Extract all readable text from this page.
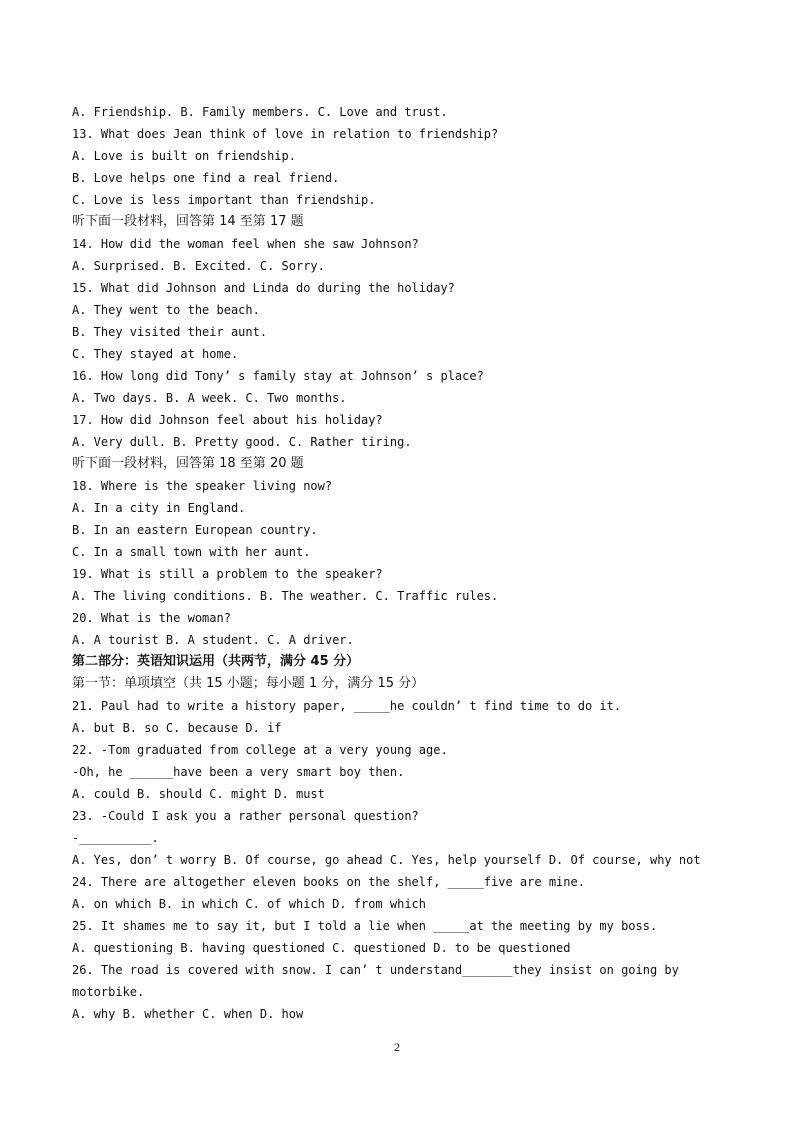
A. Friendship. B. Family members. C. Love and trust.
13. What does Jean think of love in relation to friendship?
A. Love is built on friendship.
B. Love helps one find a real friend.
C. Love is less important than friendship.
听下面一段材料，回答第 14 至第 17 题
14. How did the woman feel when she saw Johnson?
A. Surprised. B. Excited. C. Sorry.
15. What did Johnson and Linda do during the holiday?
A. They went to the beach.
B. They visited their aunt.
C. They stayed at home.
16. How long did Tony’ s family stay at Johnson’ s place?
A. Two days. B. A week. C. Two months.
17. How did Johnson feel about his holiday?
A. Very dull. B. Pretty good. C. Rather tiring.
听下面一段材料，回答第 18 至第 20 题
18. Where is the speaker living now?
A. In a city in England.
B. In an eastern European country.
C. In a small town with her aunt.
19. What is still a problem to the speaker?
A. The living conditions. B. The weather. C. Traffic rules.
20. What is the woman?
A. A tourist B. A student. C. A driver.
第二部分：英语知识运用（共两节，满分 45 分）
第一节：单项填空（共 15 小题；每小题 1 分，满分 15 分）
21. Paul had to write a history paper, _____he couldn’ t find time to do it.
A. but B. so C. because D. if
22. -Tom graduated from college at a very young age.
-Oh, he ______have been a very smart boy then.
A. could B. should C. might D. must
23. -Could I ask you a rather personal question?
-__________.
A. Yes, don’ t worry B. Of course, go ahead C. Yes, help yourself D. Of course, why not
24. There are altogether eleven books on the shelf, _____five are mine.
A. on which B. in which C. of which D. from which
25. It shames me to say it, but I told a lie when _____at the meeting by my boss.
A. questioning B. having questioned C. questioned D. to be questioned
26. The road is covered with snow. I can’ t understand_______they insist on going by
motorbike.
A. why B. whether C. when D. how
2
